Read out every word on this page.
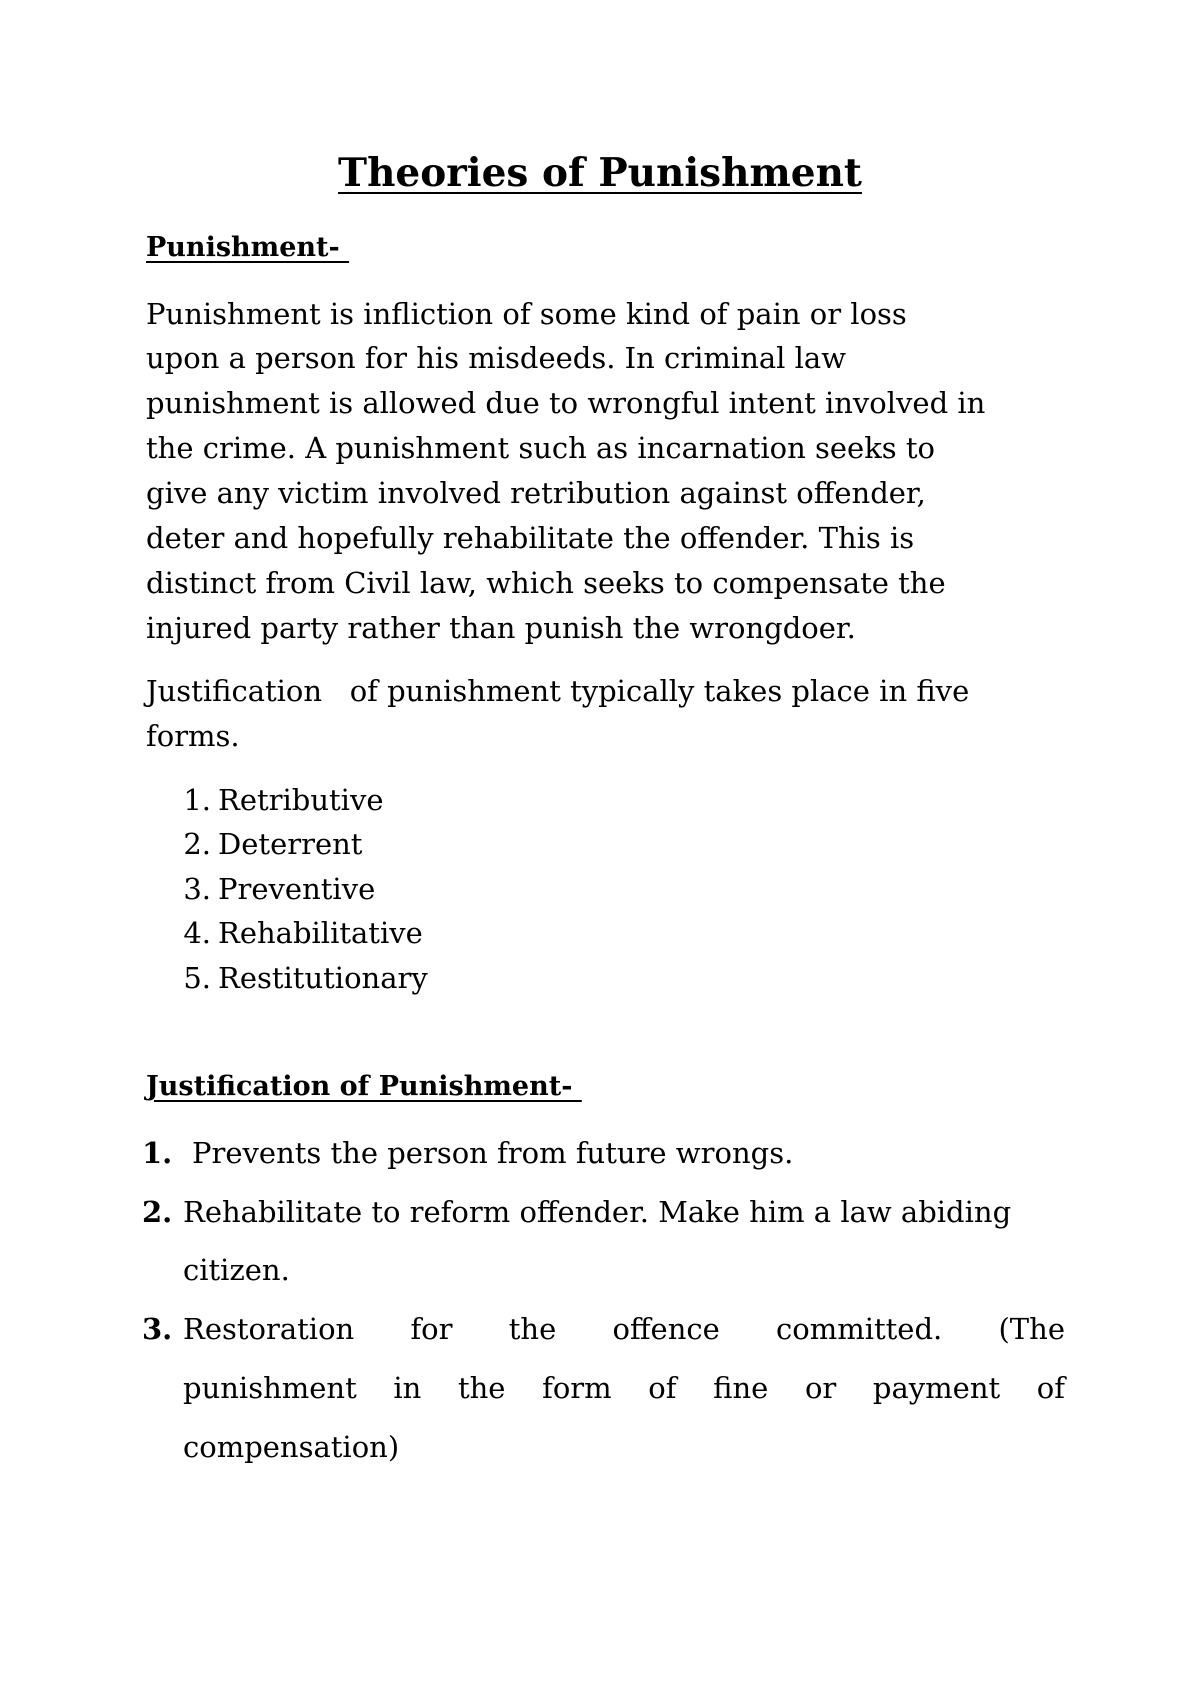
Theories of Punishment
Punishment-

Punishment is infliction of some kind of pain or loss

upon a person for his misdeeds. In criminal law

punishment is allowed due to wrongful intent involved in

the crime. A punishment such as incarnation seeks to

give any victim involved retribution against offender,

deter and hopefully rehabilitate the offender. This is

distinct from Civil law, which seeks to compensate the

injured party rather than punish the wrongdoer.

Justification   of punishment typically takes place in five

forms.

1. Retributive
2. Deterrent
3. Preventive
4. Rehabilitative
5. Restitutionary
Justification of Punishment-
1. Prevents the person from future wrongs.

2. Rehabilitate to reform offender. Make him a law abiding

citizen.

3. Restoration for the offence committed. (The

punishment in the form of fine or payment of

compensation)
